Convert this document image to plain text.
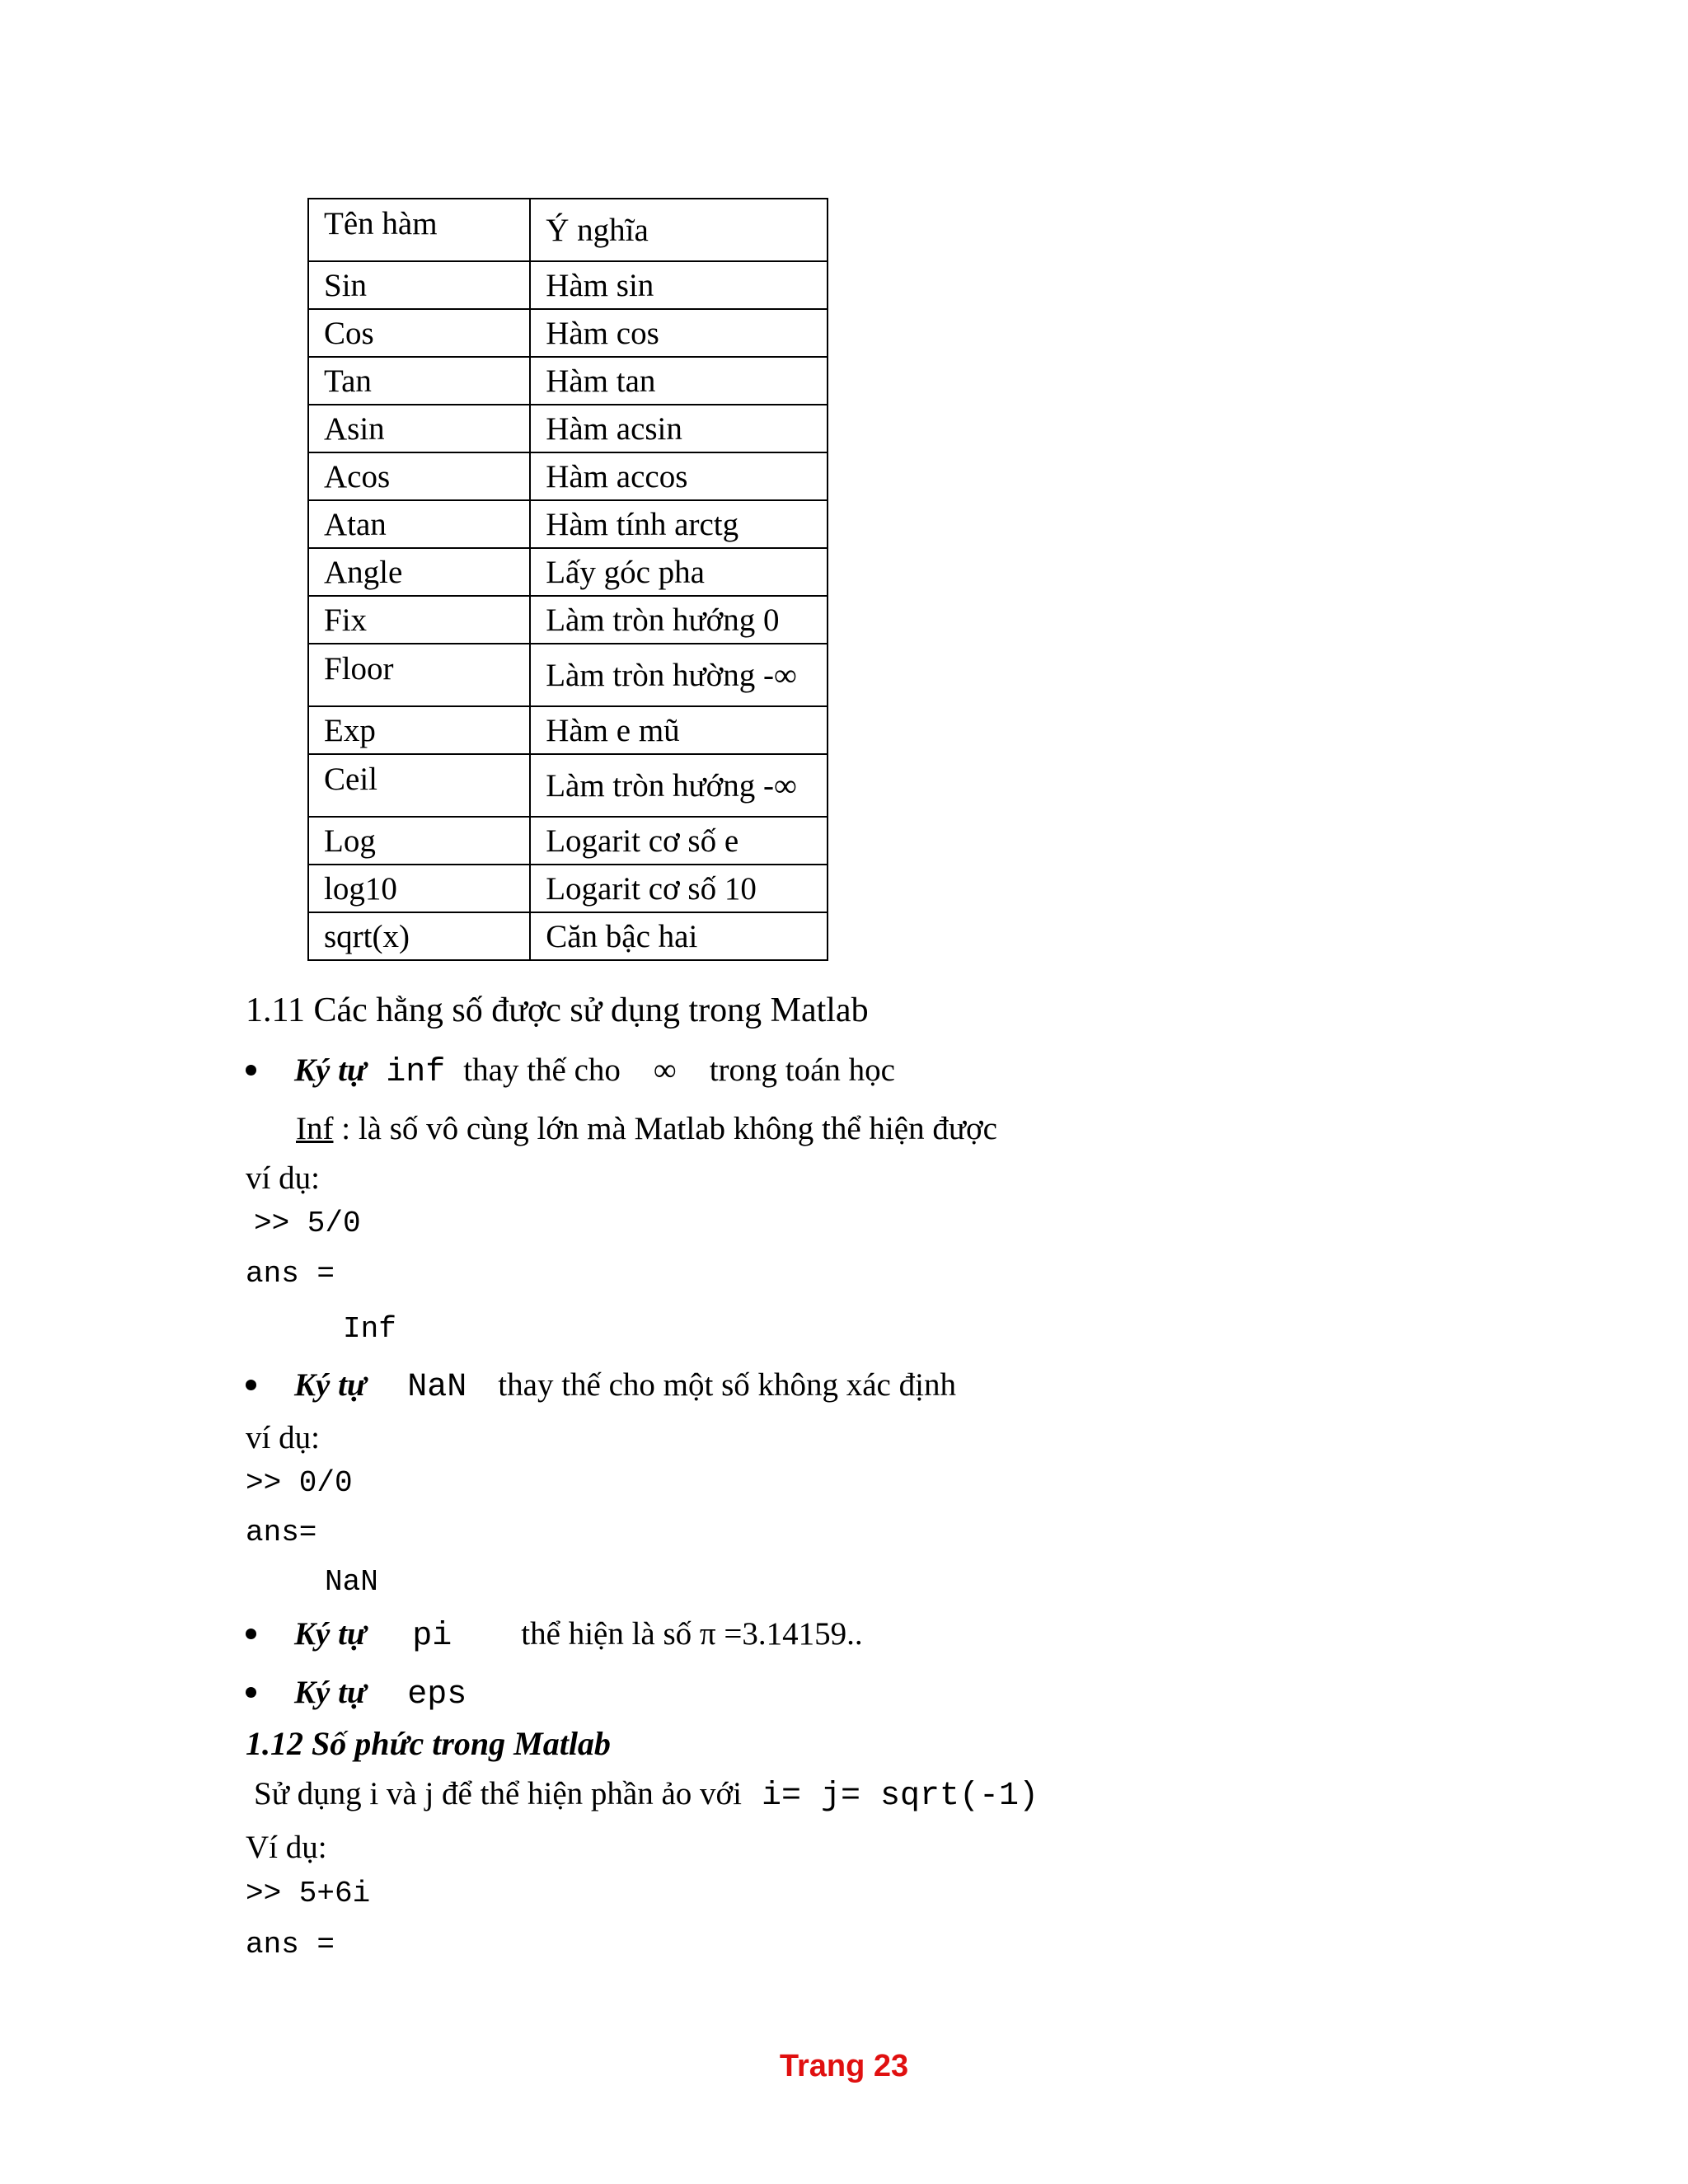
Tên hàm	Ý nghĩa
Sin	Hàm sin
Cos	Hàm cos
Tan	Hàm tan
Asin	Hàm acsin
Acos	Hàm accos
Atan	Hàm tính arctg
Angle	Lấy góc pha
Fix	Làm tròn hướng 0
Floor	Làm tròn hường -∞
Exp	Hàm e mũ
Ceil	Làm tròn hướng -∞
Log	Logarit cơ số e
log10	Logarit cơ số 10
sqrt(x)	Căn bậc hai
1.11 Các hằng số được sử dụng trong Matlab
Ký tự inf thay thế cho ∞ trong toán học
Inf : là số vô cùng lớn mà Matlab không thể hiện được
ví dụ:
>> 5/0
ans =
Inf
Ký tự NaN thay thế cho một số không xác định
ví dụ:
>> 0/0
ans=
NaN
Ký tự pi thể hiện là số π =3.14159..
Ký tự eps
1.12 Số phức trong Matlab
Sử dụng i và j để thể hiện phần ảo với i= j= sqrt(-1)
Ví dụ:
>> 5+6i
ans =
Trang 23
